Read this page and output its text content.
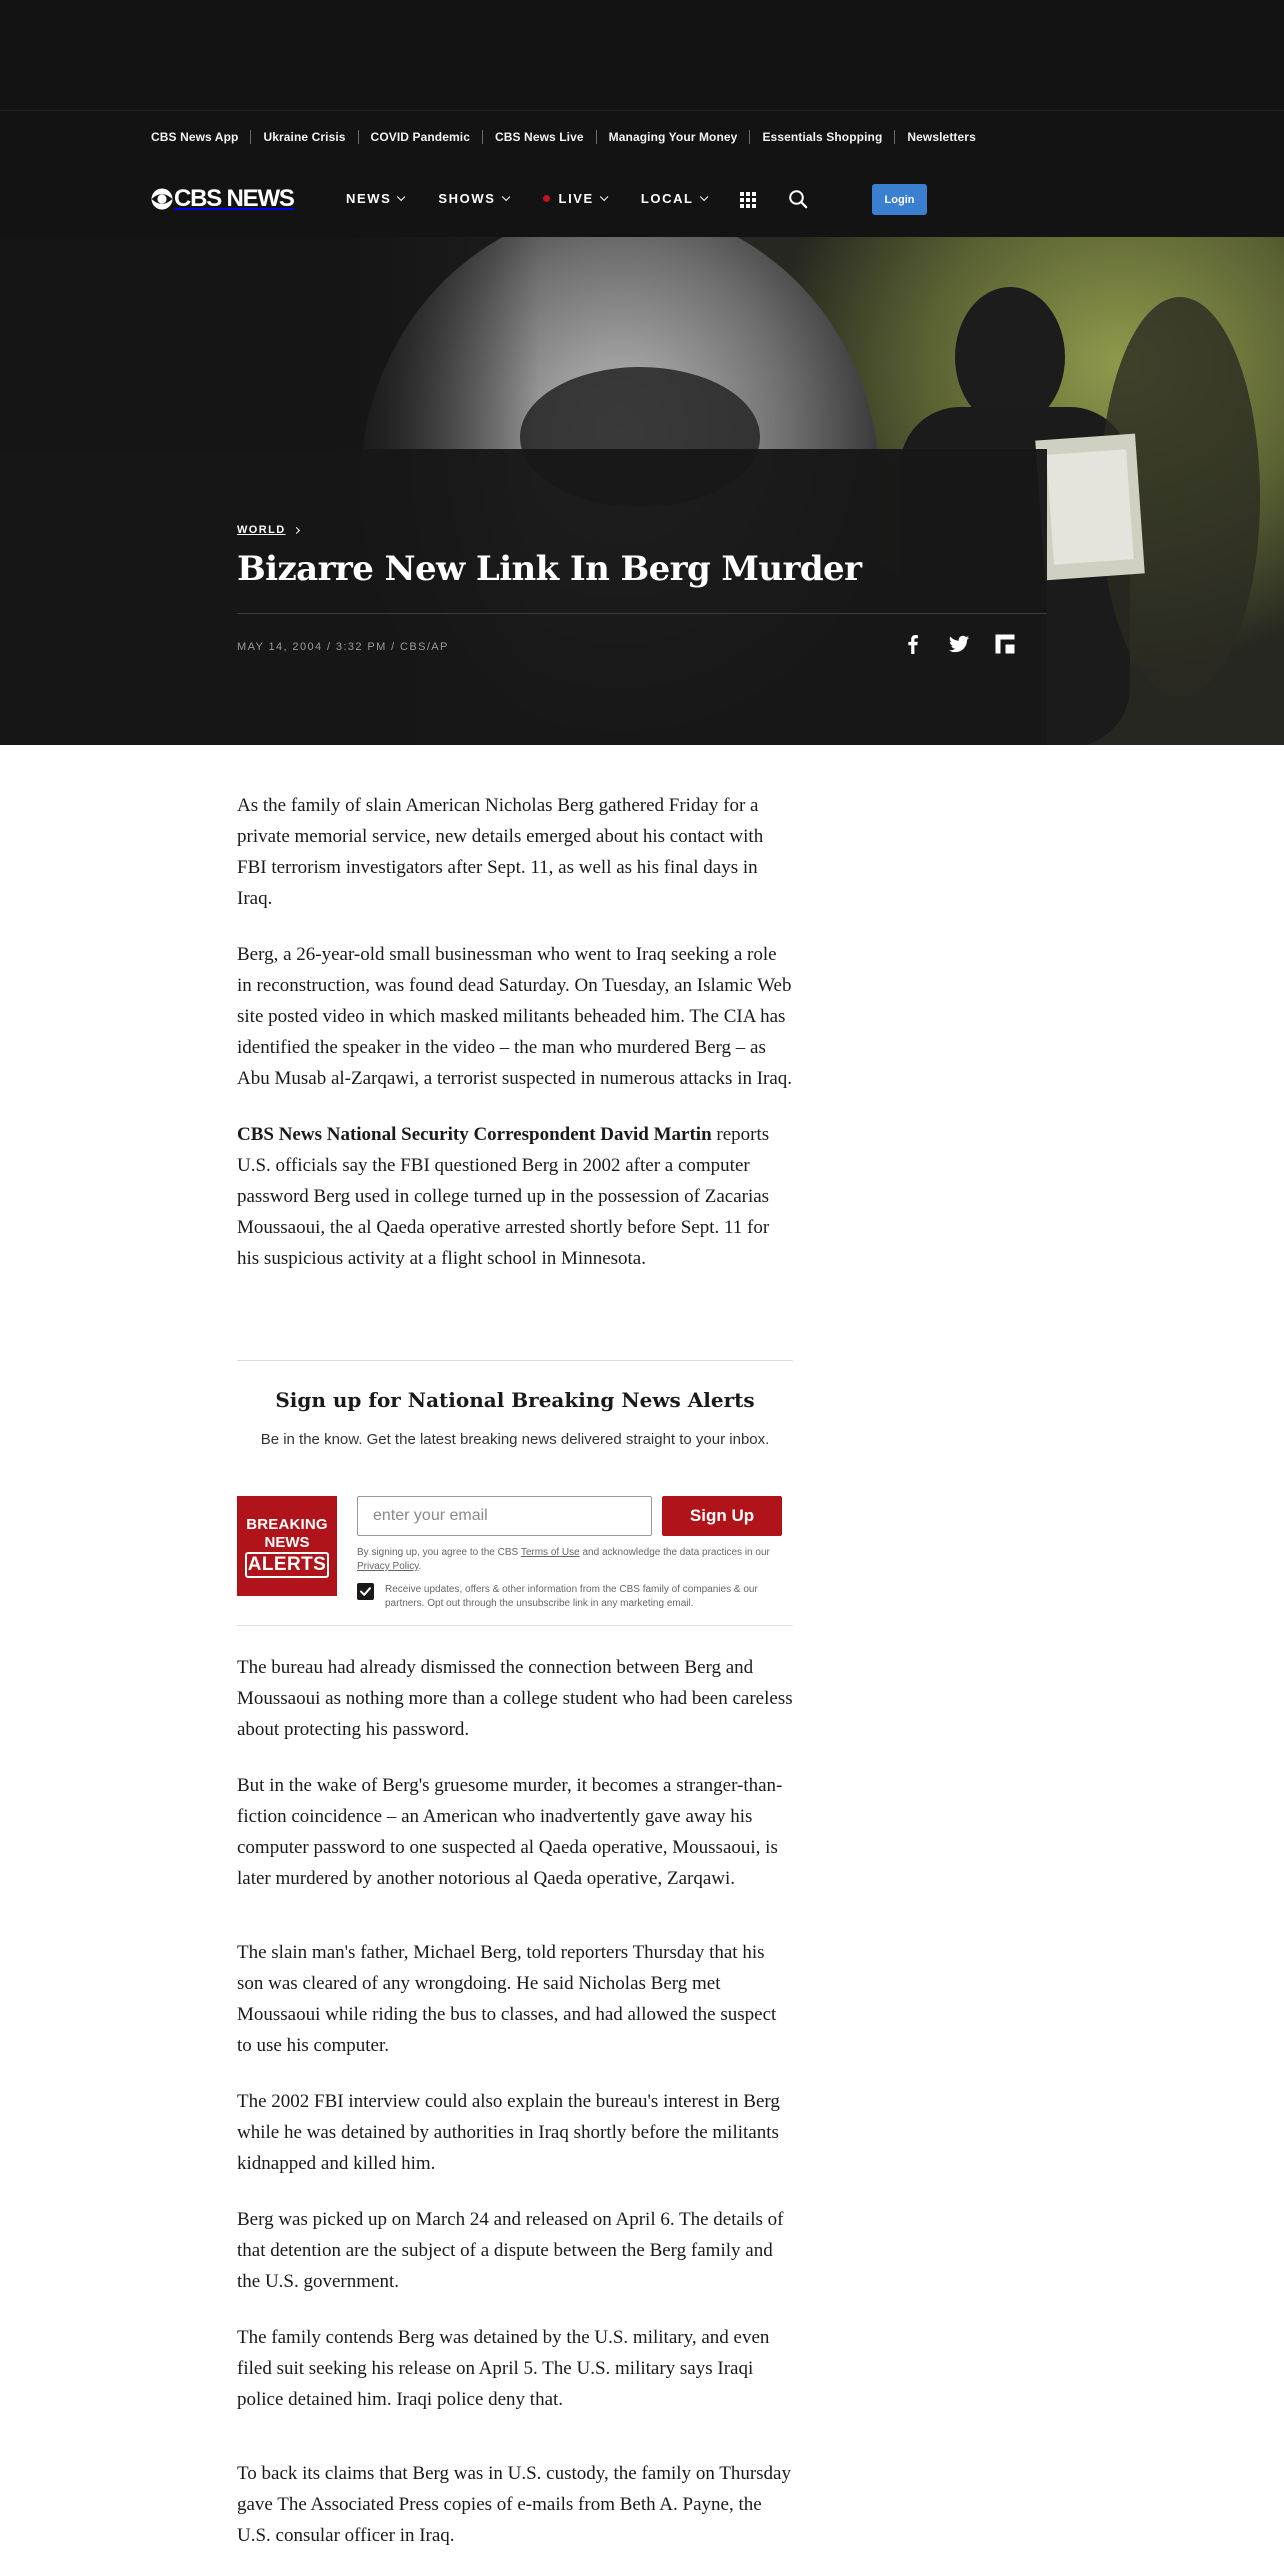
CBS News App Ukraine Crisis COVID Pandemic CBS News Live Managing Your Money Essentials Shopping Newsletters
CBS NEWS	NEWS	SHOWS	LIVE	LOCAL	Login
WORLD
Bizarre New Link In Berg Murder
MAY 14, 2004 / 3:32 PM / CBS/AP

As the family of slain American Nicholas Berg gathered Friday for a private memorial service, new details emerged about his contact with FBI terrorism investigators after Sept. 11, as well as his final days in Iraq.

Berg, a 26-year-old small businessman who went to Iraq seeking a role in reconstruction, was found dead Saturday. On Tuesday, an Islamic Web site posted video in which masked militants beheaded him. The CIA has identified the speaker in the video – the man who murdered Berg – as Abu Musab al-Zarqawi, a terrorist suspected in numerous attacks in Iraq.

CBS News National Security Correspondent David Martin reports U.S. officials say the FBI questioned Berg in 2002 after a computer password Berg used in college turned up in the possession of Zacarias Moussaoui, the al Qaeda operative arrested shortly before Sept. 11 for his suspicious activity at a flight school in Minnesota.

Sign up for National Breaking News Alerts

Be in the know. Get the latest breaking news delivered straight to your inbox.

BREAKING
NEWS
ALERTS
enter your email
Sign Up

By signing up, you agree to the CBS Terms of Use and acknowledge the data practices in our Privacy Policy.

Receive updates, offers & other information from the CBS family of companies & our partners. Opt out through the unsubscribe link in any marketing email.

The bureau had already dismissed the connection between Berg and Moussaoui as nothing more than a college student who had been careless about protecting his password.

But in the wake of Berg's gruesome murder, it becomes a stranger-than-fiction coincidence – an American who inadvertently gave away his computer password to one suspected al Qaeda operative, Moussaoui, is later murdered by another notorious al Qaeda operative, Zarqawi.

The slain man's father, Michael Berg, told reporters Thursday that his son was cleared of any wrongdoing. He said Nicholas Berg met Moussaoui while riding the bus to classes, and had allowed the suspect to use his computer.

The 2002 FBI interview could also explain the bureau's interest in Berg while he was detained by authorities in Iraq shortly before the militants kidnapped and killed him.

Berg was picked up on March 24 and released on April 6. The details of that detention are the subject of a dispute between the Berg family and the U.S. government.

The family contends Berg was detained by the U.S. military, and even filed suit seeking his release on April 5. The U.S. military says Iraqi police detained him. Iraqi police deny that.

To back its claims that Berg was in U.S. custody, the family on Thursday gave The Associated Press copies of e-mails from Beth A. Payne, the U.S. consular officer in Iraq.
